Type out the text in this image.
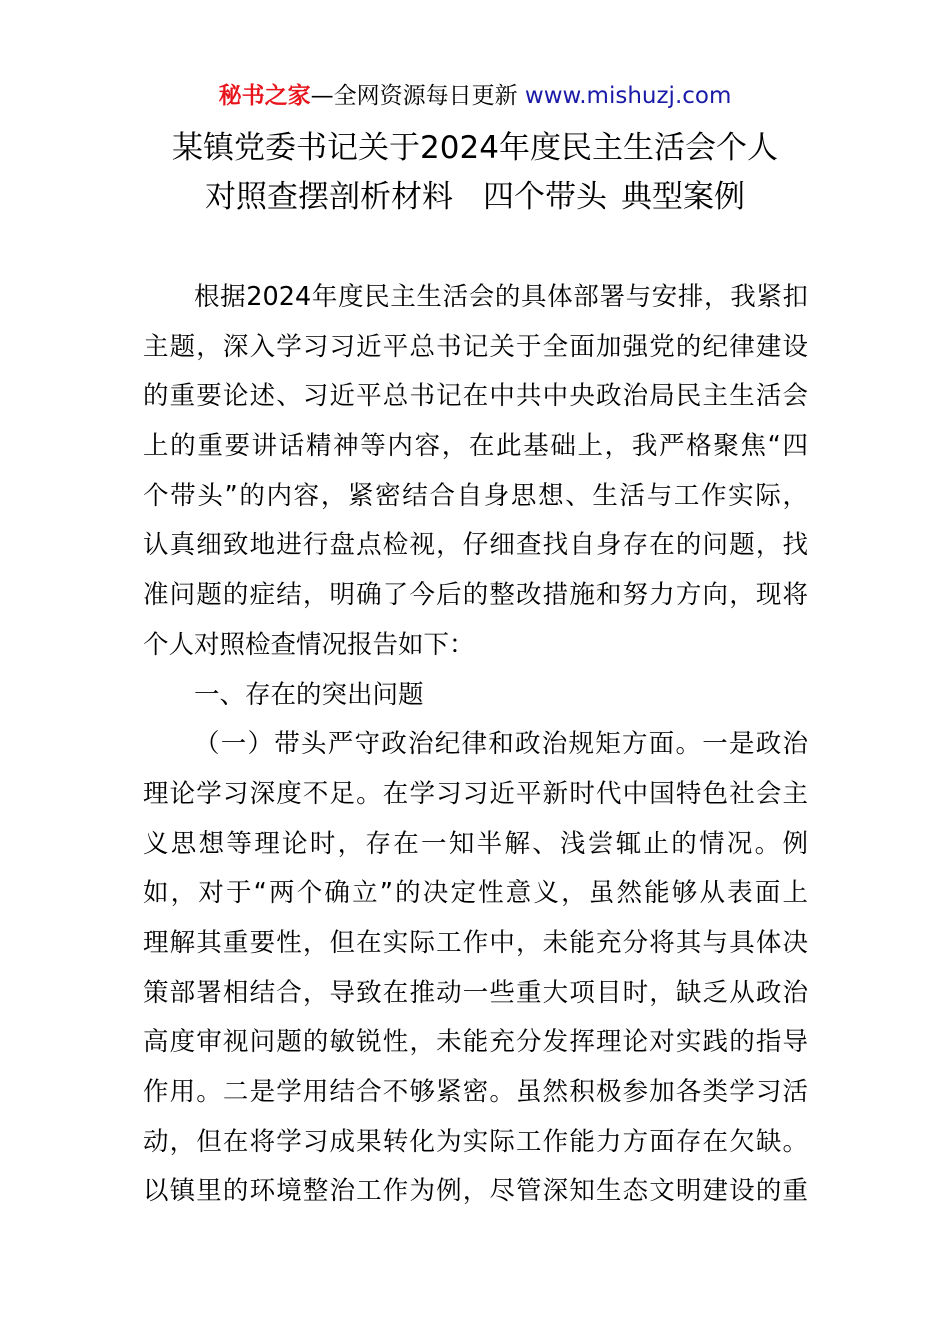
秘书之家—全网资源每日更新 www.mishuzj.com
某镇党委书记关于2024年度民主生活会个人
对照查摆剖析材料 四个带头 典型案例
根据2024年度民主生活会的具体部署与安排，我紧扣
主题，深入学习习近平总书记关于全面加强党的纪律建设
的重要论述、习近平总书记在中共中央政治局民主生活会
上的重要讲话精神等内容，在此基础上，我严格聚焦“四
个带头”的内容，紧密结合自身思想、生活与工作实际，
认真细致地进行盘点检视，仔细查找自身存在的问题，找
准问题的症结，明确了今后的整改措施和努力方向，现将
个人对照检查情况报告如下：
一、存在的突出问题
（一）带头严守政治纪律和政治规矩方面。一是政治
理论学习深度不足。在学习习近平新时代中国特色社会主
义思想等理论时，存在一知半解、浅尝辄止的情况。例
如，对于“两个确立”的决定性意义，虽然能够从表面上
理解其重要性，但在实际工作中，未能充分将其与具体决
策部署相结合，导致在推动一些重大项目时，缺乏从政治
高度审视问题的敏锐性，未能充分发挥理论对实践的指导
作用。二是学用结合不够紧密。虽然积极参加各类学习活
动，但在将学习成果转化为实际工作能力方面存在欠缺。
以镇里的环境整治工作为例，尽管深知生态文明建设的重
